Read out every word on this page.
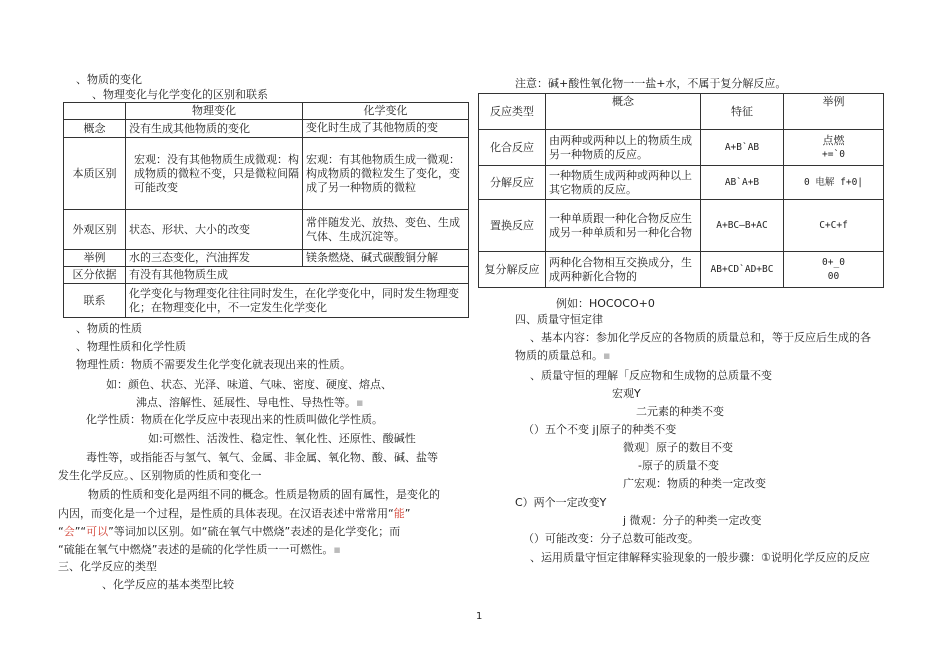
、物质的变化
、物理变化与化学变化的区别和联系
	物理变化	化学变化
概念	没有生成其他物质的变化	变化时生成了其他物质的变
本质区别	宏观：没有其他物质生成微观：构成物质的微粒不变，只是微粒间隔可能改变	宏观：有其他物质生成一微观：构成物质的微粒发生了变化，变成了另一种物质的微粒
外观区别	状态、形状、大小的改变	常伴随发光、放热、变色、生成气体、生成沉淀等。
举例	水的三态变化，汽油挥发	镁条燃烧、碱式碳酸铜分解
区分依据	有没有其他物质生成	
联系	化学变化与物理变化往往同时发生，在化学变化中，同时发生物理变化；在物理变化中，不一定发生化学变化	
、物质的性质
、物理性质和化学性质
物理性质：物质不需要发生化学变化就表现出来的性质。
如：颜色、状态、光泽、味道、气味、密度、硬度、熔点、
沸点、溶解性、延展性、导电性、导热性等。▪
化学性质：物质在化学反应中表现出来的性质叫做化学性质。
如:可燃性、活泼性、稳定性、氧化性、还原性、酸碱性
毒性等，或指能否与氢气、氧气、金属、非金属、氧化物、酸、碱、盐等
发生化学反应。、区别物质的性质和变化一
物质的性质和变化是两组不同的概念。性质是物质的固有属性，是变化的
内因，而变化是一个过程，是性质的具体表现。在汉语表述中常常用“能”
“会”“可以”等词加以区别。如“硫在氧气中燃烧”表述的是化学变化；而
“硫能在氧气中燃烧”表述的是硫的化学性质一一可燃性。▪
三、化学反应的类型
、化学反应的基本类型比较
注意：碱+酸性氧化物一一盐+水，不属于复分解反应。
反应类型	概念	特征	举例
化合反应	由两种或两种以上的物质生成另一种物质的反应。	A+B`AB	点燃
+=`0

分解反应	一种物质生成两种或两种以上其它物质的反应。	AB`A+B	0 电解 f+0|
置换反应	一种单质跟一种化合物反应生成另一种单质和另一种化合物	A+BC—B+AC	C+C+f
复分解反应	两种化合物相互交换成分，生成两种新化合物的	AB+CD`AD+BC	0+_0
00
例如：HOCOCO+0
四、质量守恒定律
、基本内容：参加化学反应的各物质的质量总和，等于反应后生成的各
物质的质量总和。▪
、质量守恒的理解「反应物和生成物的总质量不变
宏观Y
二元素的种类不变
（）五个不变 j|原子的种类不变
微观〕原子的数目不变
-原子的质量不变
广宏观：物质的种类一定改变
C）两个一定改变Y
j 微观：分子的种类一定改变
（）可能改变：分子总数可能改变。
、运用质量守恒定律解释实验现象的一般步骤：①说明化学反应的反应
1
